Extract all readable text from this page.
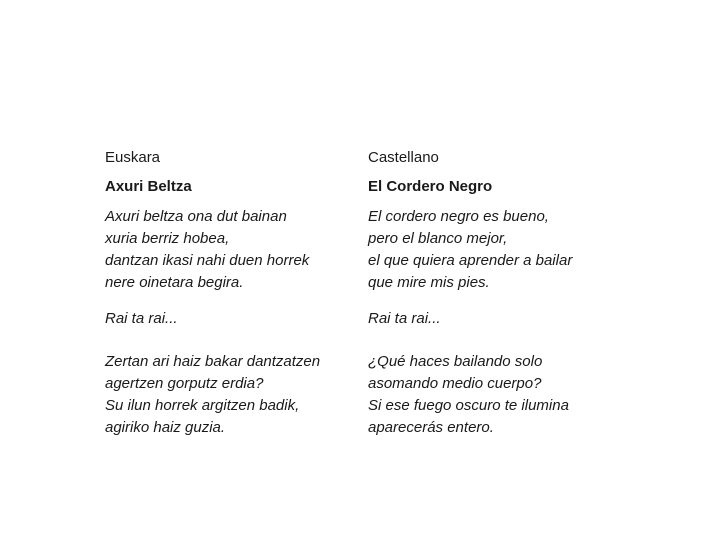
Euskara
Axuri Beltza
Axuri beltza ona dut bainan
xuria berriz hobea,
dantzan ikasi nahi duen horrek
nere oinetara begira.
Rai ta rai...
Zertan ari haiz bakar dantzatzen
agertzen gorputz erdia?
Su ilun horrek argitzen badik,
agiriko haiz guzia.
Castellano
El Cordero Negro
El cordero negro es bueno,
pero el blanco mejor,
el que quiera aprender a bailar
que mire mis pies.
Rai ta rai...
¿Qué haces bailando solo
asomando medio cuerpo?
Si ese fuego oscuro te ilumina
aparecerás entero.
